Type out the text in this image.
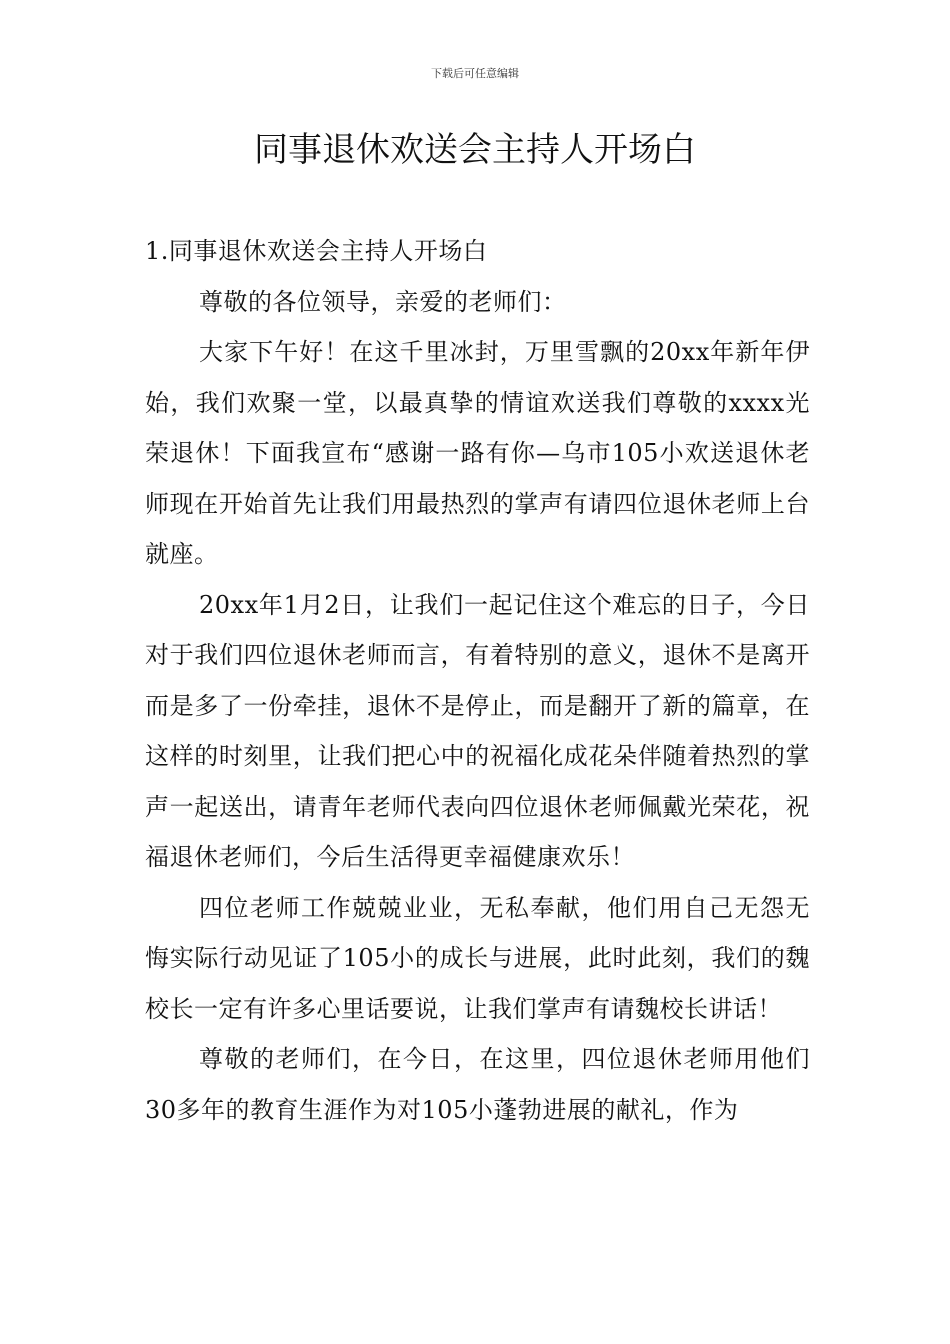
下载后可任意编辑
同事退休欢送会主持人开场白

1.同事退休欢送会主持人开场白

尊敬的各位领导，亲爱的老师们：

大家下午好！在这千里冰封，万里雪飘的20xx年新年伊始，我们欢聚一堂，以最真挚的情谊欢送我们尊敬的xxxx光荣退休！下面我宣布“感谢一路有你—乌市105小欢送退休老师现在开始首先让我们用最热烈的掌声有请四位退休老师上台就座。

20xx年1月2日，让我们一起记住这个难忘的日子，今日对于我们四位退休老师而言，有着特别的意义，退休不是离开而是多了一份牵挂，退休不是停止，而是翻开了新的篇章，在这样的时刻里，让我们把心中的祝福化成花朵伴随着热烈的掌声一起送出，请青年老师代表向四位退休老师佩戴光荣花，祝福退休老师们，今后生活得更幸福健康欢乐！

四位老师工作兢兢业业，无私奉献，他们用自己无怨无悔实际行动见证了105小的成长与进展，此时此刻，我们的魏校长一定有许多心里话要说，让我们掌声有请魏校长讲话！

尊敬的老师们，在今日，在这里，四位退休老师用他们30多年的教育生涯作为对105小蓬勃进展的献礼，作为
